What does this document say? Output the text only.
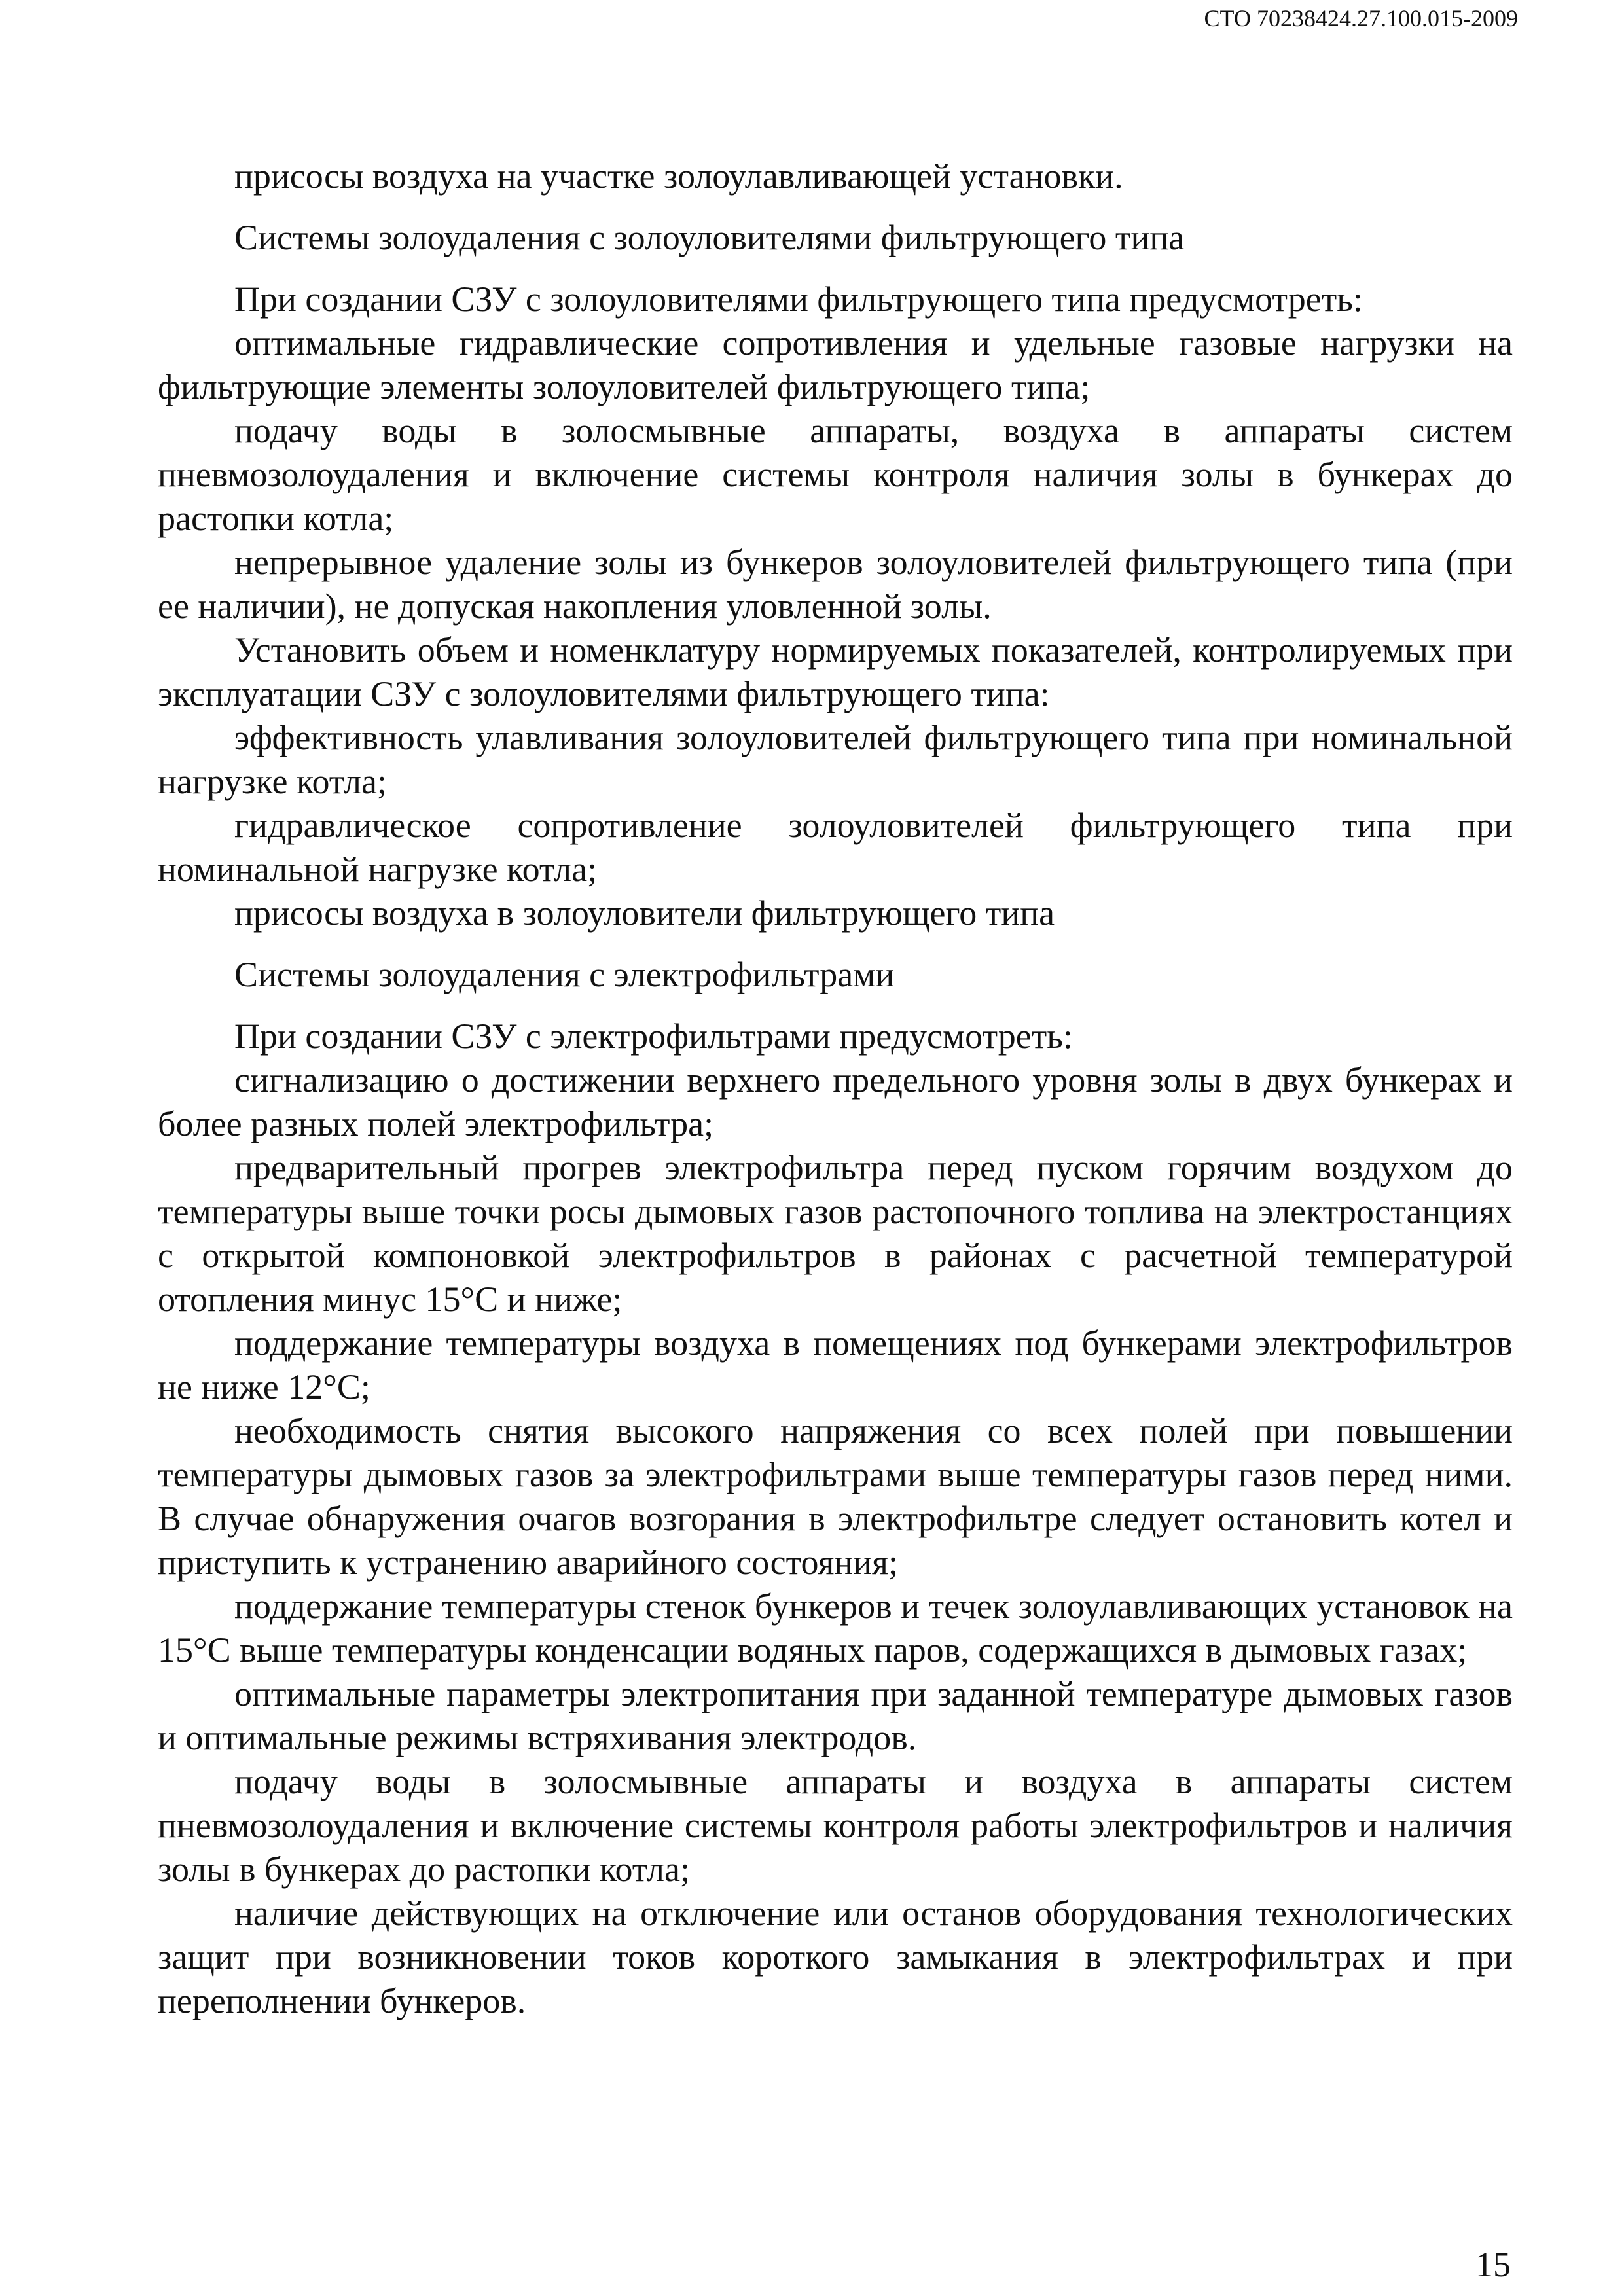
СТО 70238424.27.100.015-2009

присосы воздуха на участке золоулавливающей установки.

Системы золоудаления с золоуловителями фильтрующего типа

При создании СЗУ с золоуловителями фильтрующего типа предусмотреть:

оптимальные гидравлические сопротивления и удельные газовые нагрузки на фильтрующие элементы золоуловителей фильтрующего типа;

подачу воды в золосмывные аппараты, воздуха в аппараты систем пневмозолоудаления и включение системы контроля наличия золы в бункерах до растопки котла;

непрерывное удаление золы из бункеров золоуловителей фильтрующего типа (при ее наличии), не допуская накопления уловленной золы.

Установить объем и номенклатуру нормируемых показателей, контролируемых при эксплуатации СЗУ с золоуловителями фильтрующего типа:

эффективность улавливания золоуловителей фильтрующего типа при номинальной нагрузке котла;

гидравлическое сопротивление золоуловителей фильтрующего типа при номинальной нагрузке котла;

присосы воздуха в золоуловители фильтрующего типа

Системы золоудаления с электрофильтрами

При создании СЗУ с электрофильтрами предусмотреть:

сигнализацию о достижении верхнего предельного уровня золы в двух бункерах и более разных полей электрофильтра;

предварительный прогрев электрофильтра перед пуском горячим воздухом до температуры выше точки росы дымовых газов растопочного топлива на электростанциях с открытой компоновкой электрофильтров в районах с расчетной температурой отопления минус 15°С и ниже;

поддержание температуры воздуха в помещениях под бункерами электрофильтров не ниже 12°С;

необходимость снятия высокого напряжения со всех полей при повышении температуры дымовых газов за электрофильтрами выше температуры газов перед ними. В случае обнаружения очагов возгорания в электрофильтре следует остановить котел и приступить к устранению аварийного состояния;

поддержание температуры стенок бункеров и течек золоулавливающих установок на 15°С выше температуры конденсации водяных паров, содержащихся в дымовых газах;

оптимальные параметры электропитания при заданной температуре дымовых газов и оптимальные режимы встряхивания электродов.

подачу воды в золосмывные аппараты и воздуха в аппараты систем пневмозолоудаления и включение системы контроля работы электрофильтров и наличия золы в бункерах до растопки котла;

наличие действующих на отключение или останов оборудования технологических защит при возникновении токов короткого замыкания в электрофильтрах и при переполнении бункеров.

15
